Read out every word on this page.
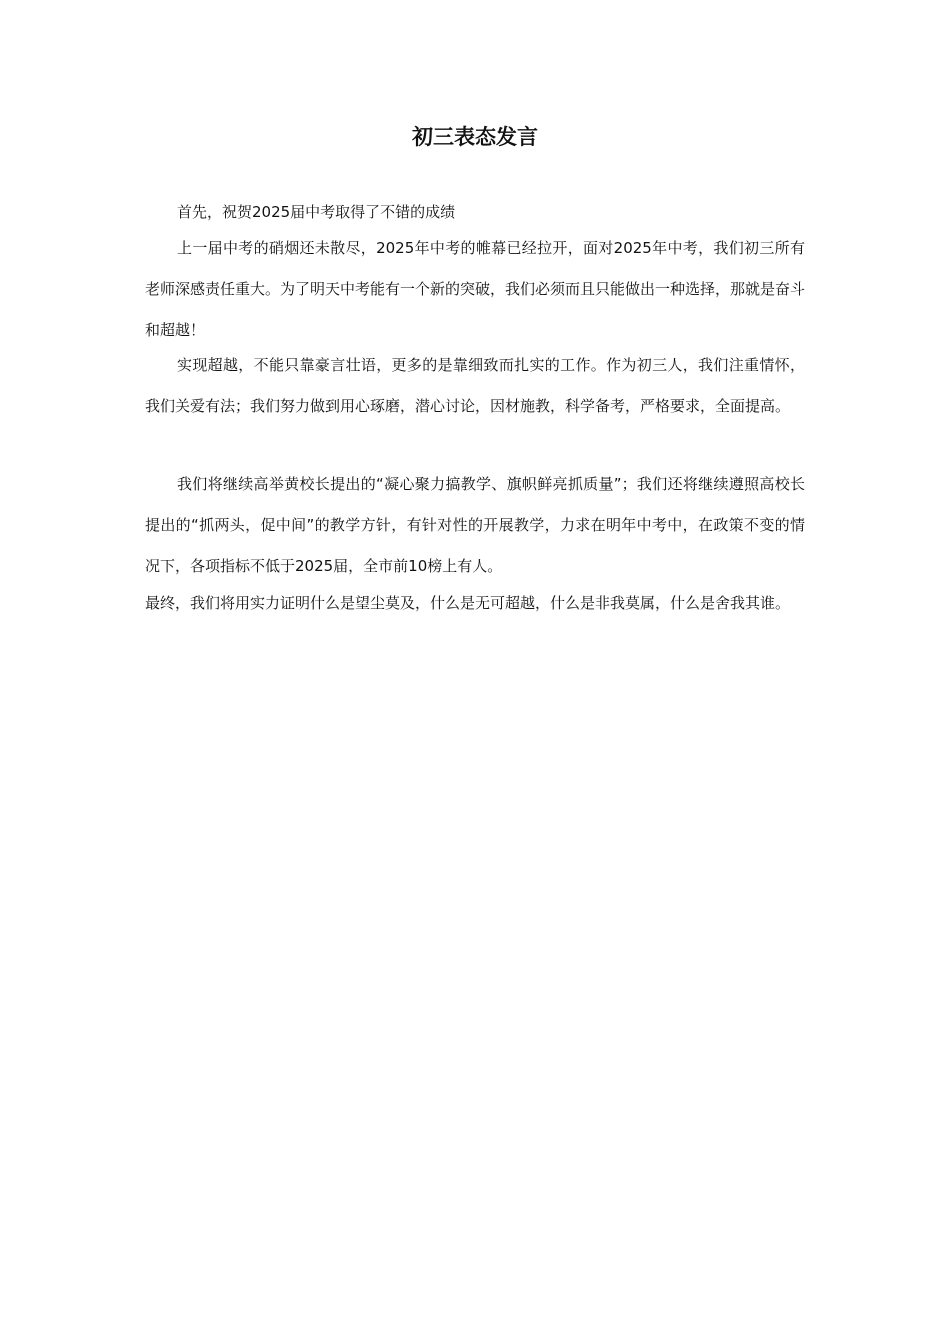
初三表态发言

首先，祝贺2025届中考取得了不错的成绩

上一届中考的硝烟还未散尽，2025年中考的帷幕已经拉开，面对2025年中考，我们初三所有老师深感责任重大。为了明天中考能有一个新的突破，我们必须而且只能做出一种选择，那就是奋斗和超越！

实现超越，不能只靠豪言壮语，更多的是靠细致而扎实的工作。作为初三人，我们注重情怀，我们关爱有法；我们努力做到用心琢磨，潜心讨论，因材施教，科学备考，严格要求，全面提高。

我们将继续高举黄校长提出的“凝心聚力搞教学、旗帜鲜亮抓质量”；我们还将继续遵照高校长提出的“抓两头，促中间”的教学方针，有针对性的开展教学，力求在明年中考中，在政策不变的情况下，各项指标不低于2025届，全市前10榜上有人。

最终，我们将用实力证明什么是望尘莫及，什么是无可超越，什么是非我莫属，什么是舍我其谁。
